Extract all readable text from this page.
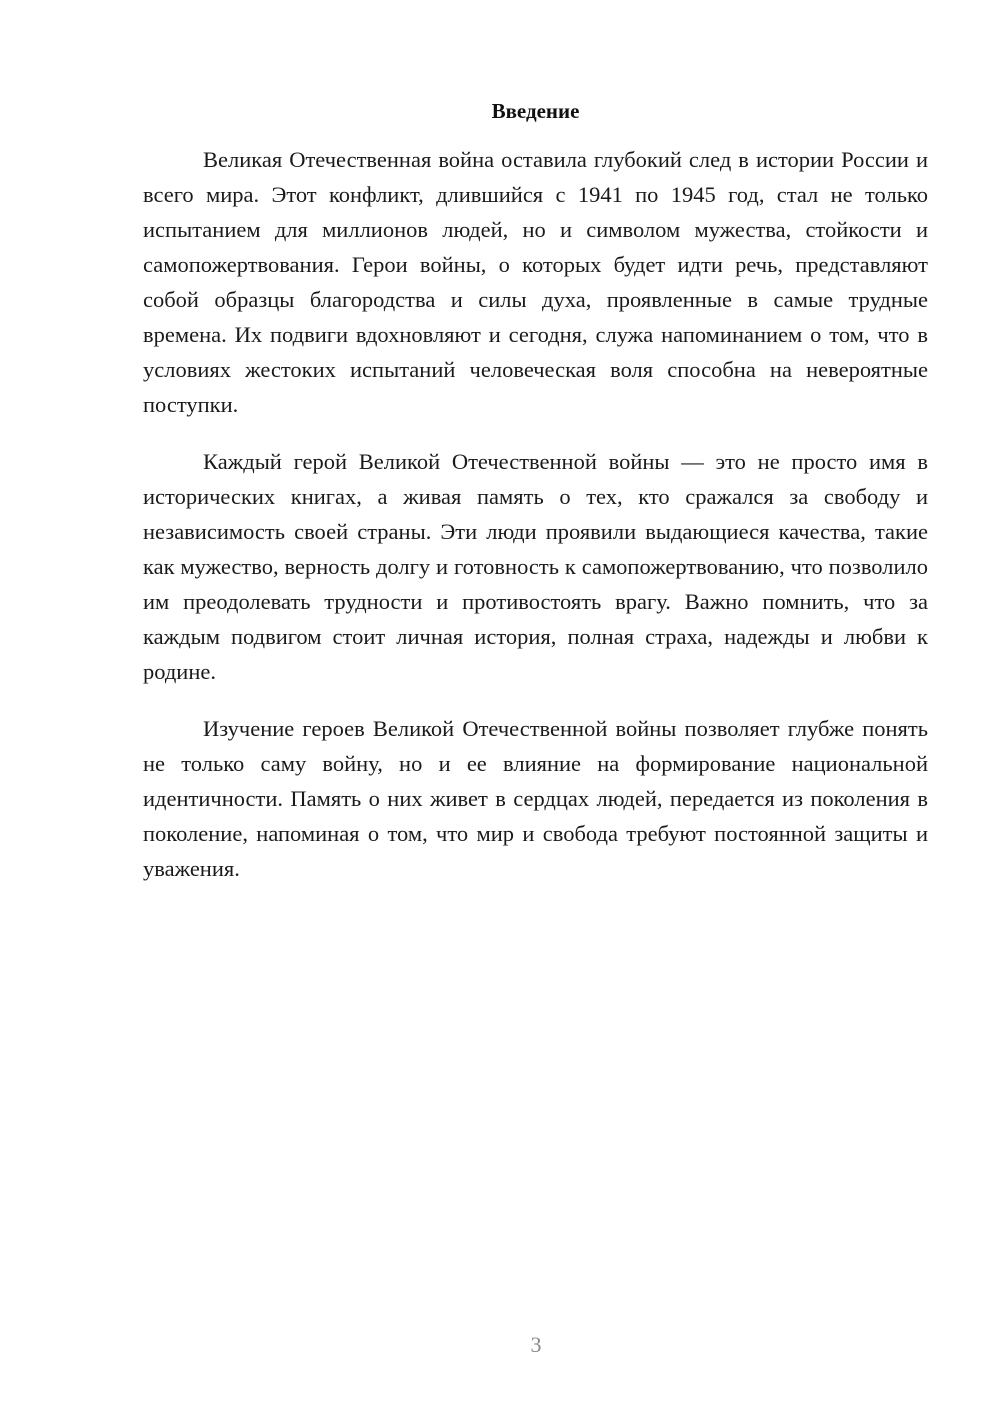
Введение

Великая Отечественная война оставила глубокий след в истории России и всего мира. Этот конфликт, длившийся с 1941 по 1945 год, стал не только испытанием для миллионов людей, но и символом мужества, стойкости и самопожертвования. Герои войны, о которых будет идти речь, представляют собой образцы благородства и силы духа, проявленные в самые трудные времена. Их подвиги вдохновляют и сегодня, служа напоминанием о том, что в условиях жестоких испытаний человеческая воля способна на невероятные поступки.

Каждый герой Великой Отечественной войны — это не просто имя в исторических книгах, а живая память о тех, кто сражался за свободу и независимость своей страны. Эти люди проявили выдающиеся качества, такие как мужество, верность долгу и готовность к самопожертвованию, что позволило им преодолевать трудности и противостоять врагу. Важно помнить, что за каждым подвигом стоит личная история, полная страха, надежды и любви к родине.

Изучение героев Великой Отечественной войны позволяет глубже понять не только саму войну, но и ее влияние на формирование национальной идентичности. Память о них живет в сердцах людей, передается из поколения в поколение, напоминая о том, что мир и свобода требуют постоянной защиты и уважения.

3
